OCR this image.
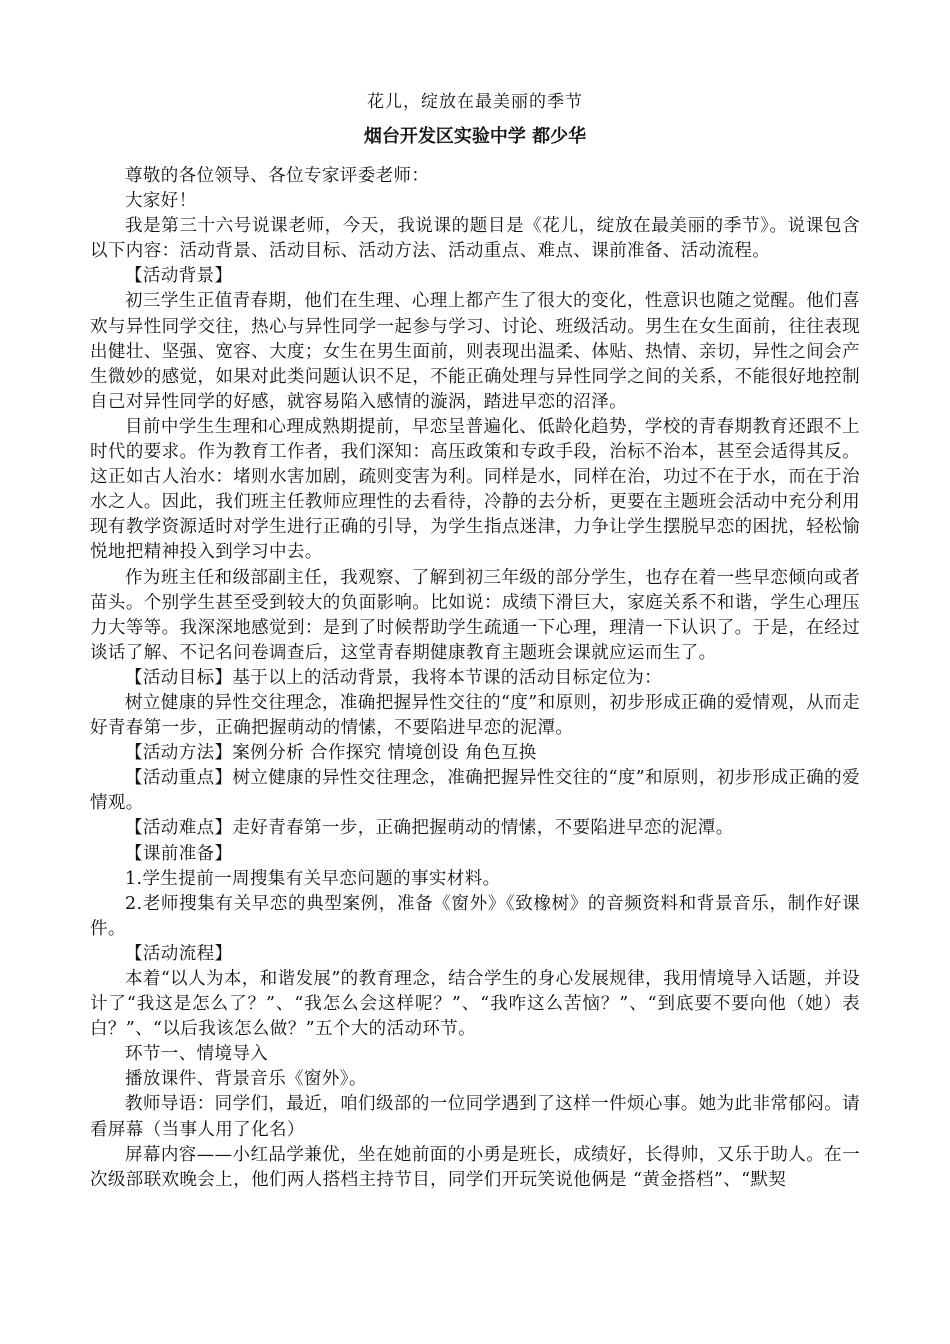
花儿，绽放在最美丽的季节
烟台开发区实验中学 都少华

尊敬的各位领导、各位专家评委老师：

大家好！

我是第三十六号说课老师，今天，我说课的题目是《花儿，绽放在最美丽的季节》。说课包含以下内容：活动背景、活动目标、活动方法、活动重点、难点、课前准备、活动流程。

【活动背景】

初三学生正值青春期，他们在生理、心理上都产生了很大的变化，性意识也随之觉醒。他们喜欢与异性同学交往，热心与异性同学一起参与学习、讨论、班级活动。男生在女生面前，往往表现出健壮、坚强、宽容、大度；女生在男生面前，则表现出温柔、体贴、热情、亲切，异性之间会产生微妙的感觉，如果对此类问题认识不足，不能正确处理与异性同学之间的关系，不能很好地控制自己对异性同学的好感，就容易陷入感情的漩涡，踏进早恋的沼泽。

目前中学生生理和心理成熟期提前，早恋呈普遍化、低龄化趋势，学校的青春期教育还跟不上时代的要求。作为教育工作者，我们深知：高压政策和专政手段，治标不治本，甚至会适得其反。这正如古人治水：堵则水害加剧，疏则变害为利。同样是水，同样在治，功过不在于水，而在于治水之人。因此，我们班主任教师应理性的去看待，冷静的去分析，更要在主题班会活动中充分利用现有教学资源适时对学生进行正确的引导，为学生指点迷津，力争让学生摆脱早恋的困扰，轻松愉悦地把精神投入到学习中去。

作为班主任和级部副主任，我观察、了解到初三年级的部分学生，也存在着一些早恋倾向或者苗头。个别学生甚至受到较大的负面影响。比如说：成绩下滑巨大，家庭关系不和谐，学生心理压力大等等。我深深地感觉到：是到了时候帮助学生疏通一下心理，理清一下认识了。于是，在经过谈话了解、不记名问卷调查后，这堂青春期健康教育主题班会课就应运而生了。

【活动目标】基于以上的活动背景，我将本节课的活动目标定位为：

树立健康的异性交往理念，准确把握异性交往的“度”和原则，初步形成正确的爱情观，从而走好青春第一步，正确把握萌动的情愫，不要陷进早恋的泥潭。

【活动方法】案例分析 合作探究 情境创设 角色互换

【活动重点】树立健康的异性交往理念，准确把握异性交往的“度”和原则，初步形成正确的爱情观。

【活动难点】走好青春第一步，正确把握萌动的情愫，不要陷进早恋的泥潭。

【课前准备】

1.学生提前一周搜集有关早恋问题的事实材料。

2.老师搜集有关早恋的典型案例，准备《窗外》《致橡树》的音频资料和背景音乐，制作好课件。

【活动流程】

本着“以人为本，和谐发展”的教育理念，结合学生的身心发展规律，我用情境导入话题，并设计了“我这是怎么了？”、“我怎么会这样呢？”、“我咋这么苦恼？”、“到底要不要向他（她）表白？”、“以后我该怎么做？”五个大的活动环节。

环节一、情境导入

播放课件、背景音乐《窗外》。

教师导语：同学们，最近，咱们级部的一位同学遇到了这样一件烦心事。她为此非常郁闷。请看屏幕（当事人用了化名）

屏幕内容——小红品学兼优，坐在她前面的小勇是班长，成绩好，长得帅，又乐于助人。在一次级部联欢晚会上，他们两人搭档主持节目，同学们开玩笑说他俩是 “黄金搭档”、“默契
